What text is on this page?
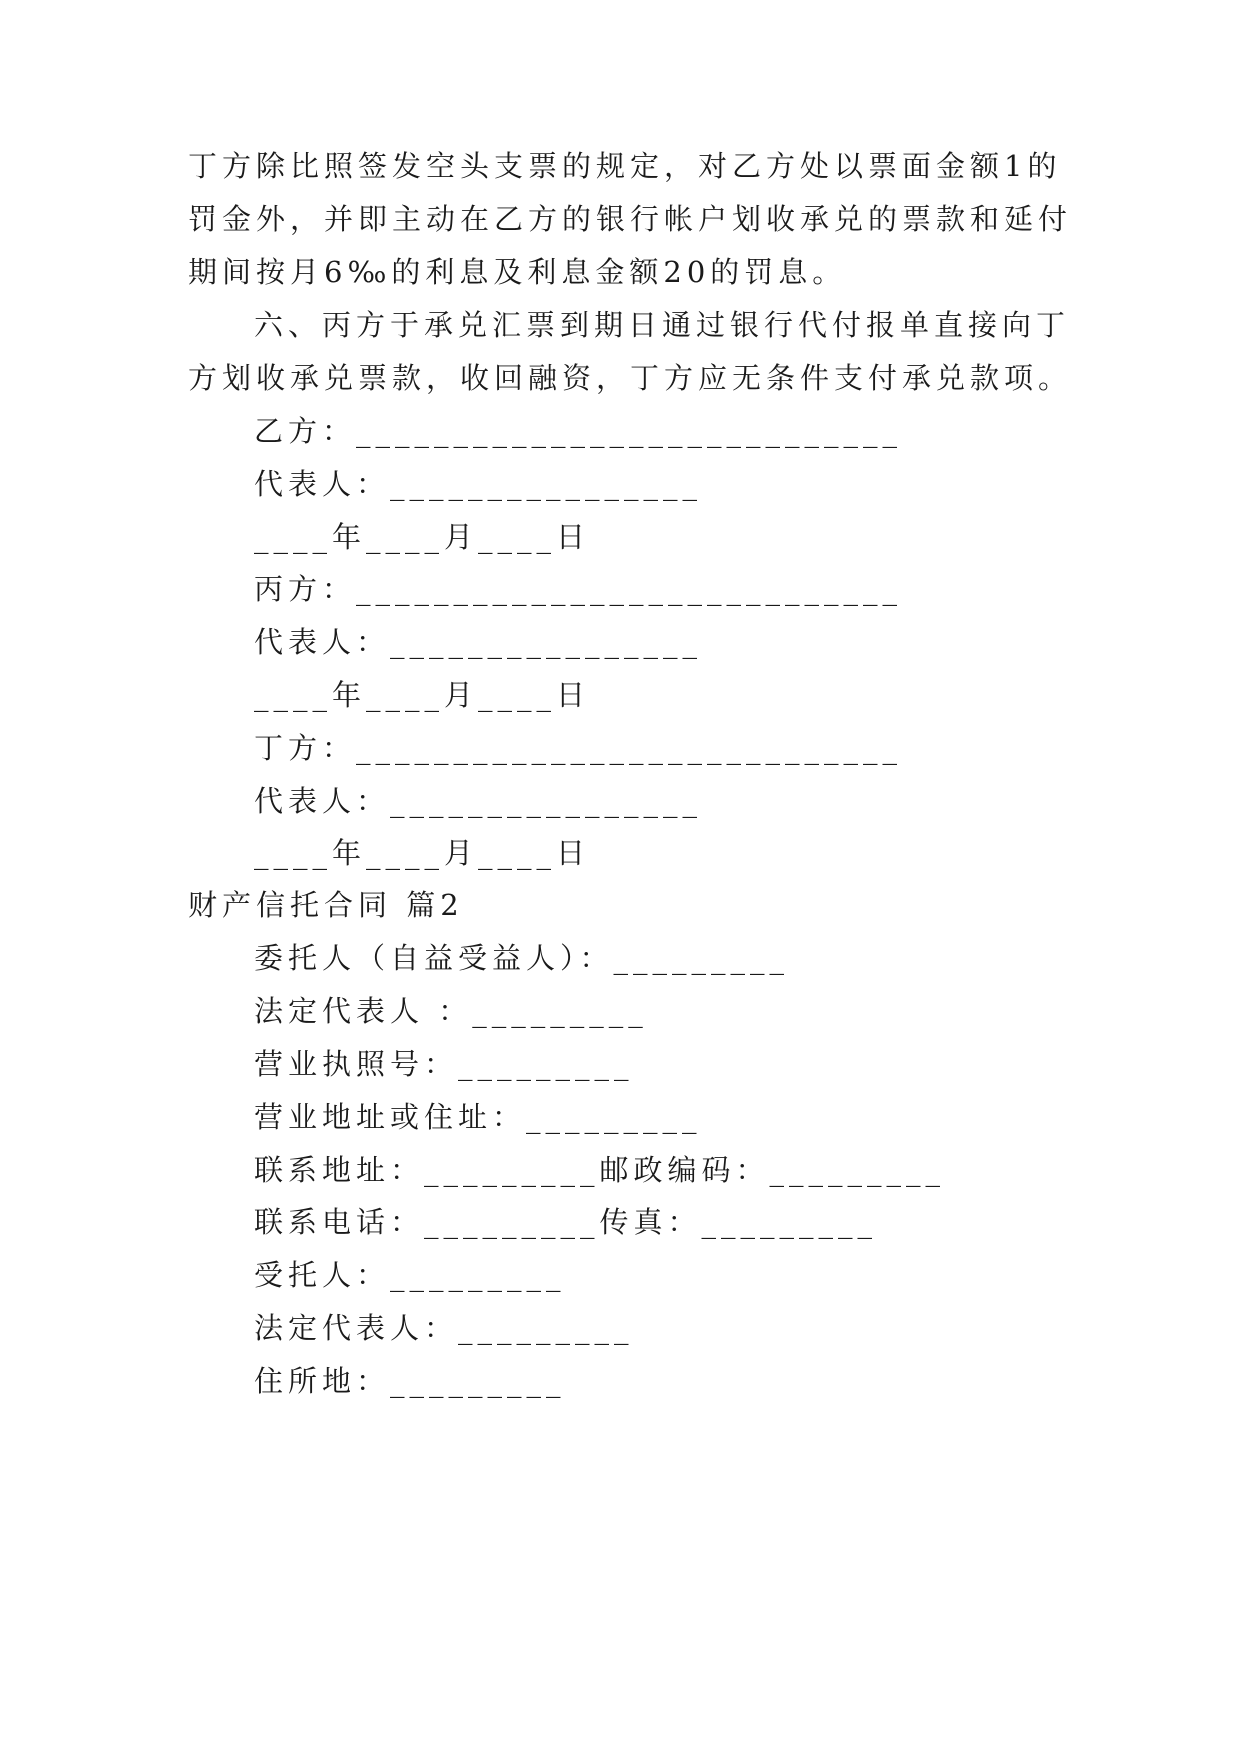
丁方除比照签发空头支票的规定，对乙方处以票面金额1的

罚金外，并即主动在乙方的银行帐户划收承兑的票款和延付

期间按月6‰的利息及利息金额20的罚息。

六、丙方于承兑汇票到期日通过银行代付报单直接向丁

方划收承兑票款，收回融资，丁方应无条件支付承兑款项。

乙方：____________________________

代表人：________________

____年____月____日

丙方：____________________________

代表人：________________

____年____月____日

丁方：____________________________

代表人：________________

____年____月____日

财产信托合同 篇2

委托人（自益受益人）：_________

法定代表人 ：_________

营业执照号：_________

营业地址或住址：_________

联系地址：_________邮政编码：_________

联系电话：_________传真：_________

受托人：_________

法定代表人：_________

住所地：_________
